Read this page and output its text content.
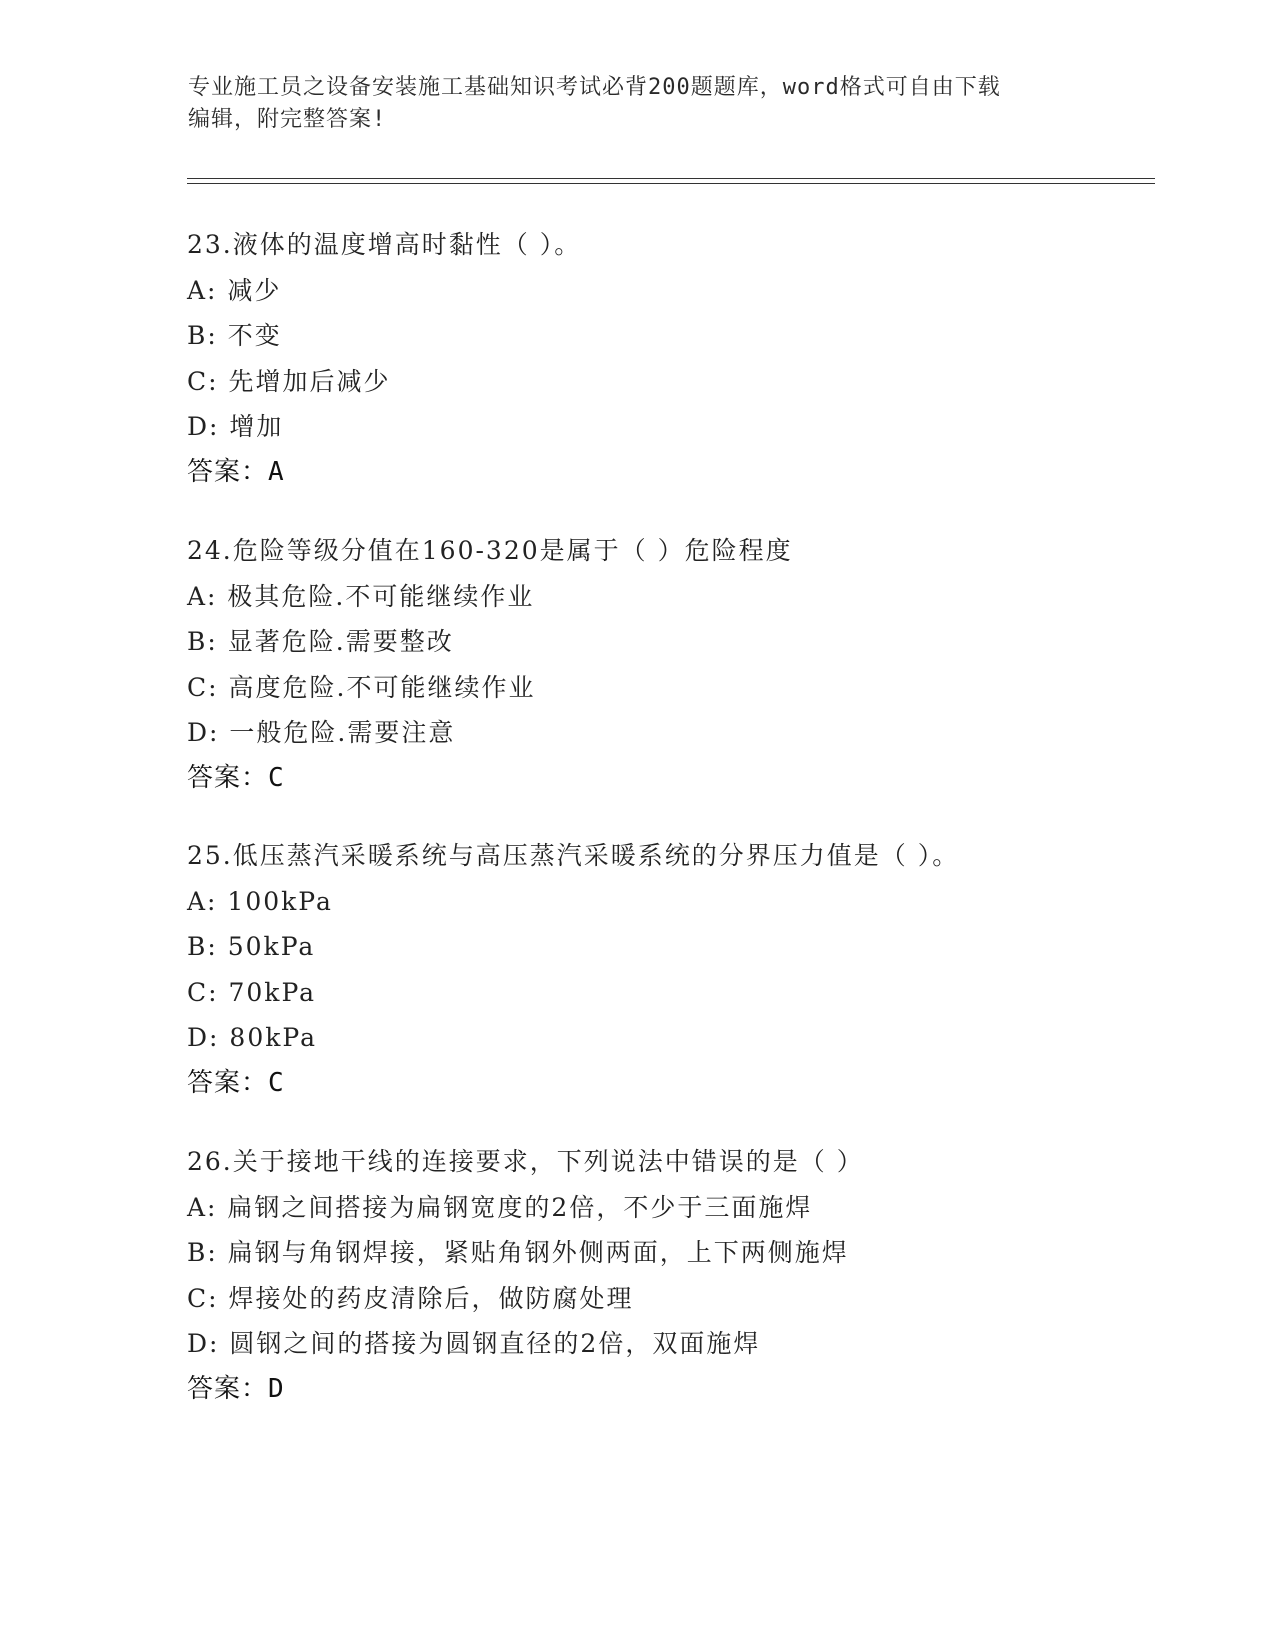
专业施工员之设备安装施工基础知识考试必背200题题库，word格式可自由下载
编辑，附完整答案!
23.液体的温度增高时黏性（ ）。
A: 减少
B: 不变
C: 先增加后减少
D: 增加
答案：A
24.危险等级分值在160-320是属于（ ）危险程度
A: 极其危险.不可能继续作业
B: 显著危险.需要整改
C: 高度危险.不可能继续作业
D: 一般危险.需要注意
答案：C
25.低压蒸汽采暖系统与高压蒸汽采暖系统的分界压力值是（ ）。
A: 100kPa
B: 50kPa
C: 70kPa
D: 80kPa
答案：C
26.关于接地干线的连接要求，下列说法中错误的是（ ）
A: 扁钢之间搭接为扁钢宽度的2倍，不少于三面施焊
B: 扁钢与角钢焊接，紧贴角钢外侧两面，上下两侧施焊
C: 焊接处的药皮清除后，做防腐处理
D: 圆钢之间的搭接为圆钢直径的2倍，双面施焊
答案：D
